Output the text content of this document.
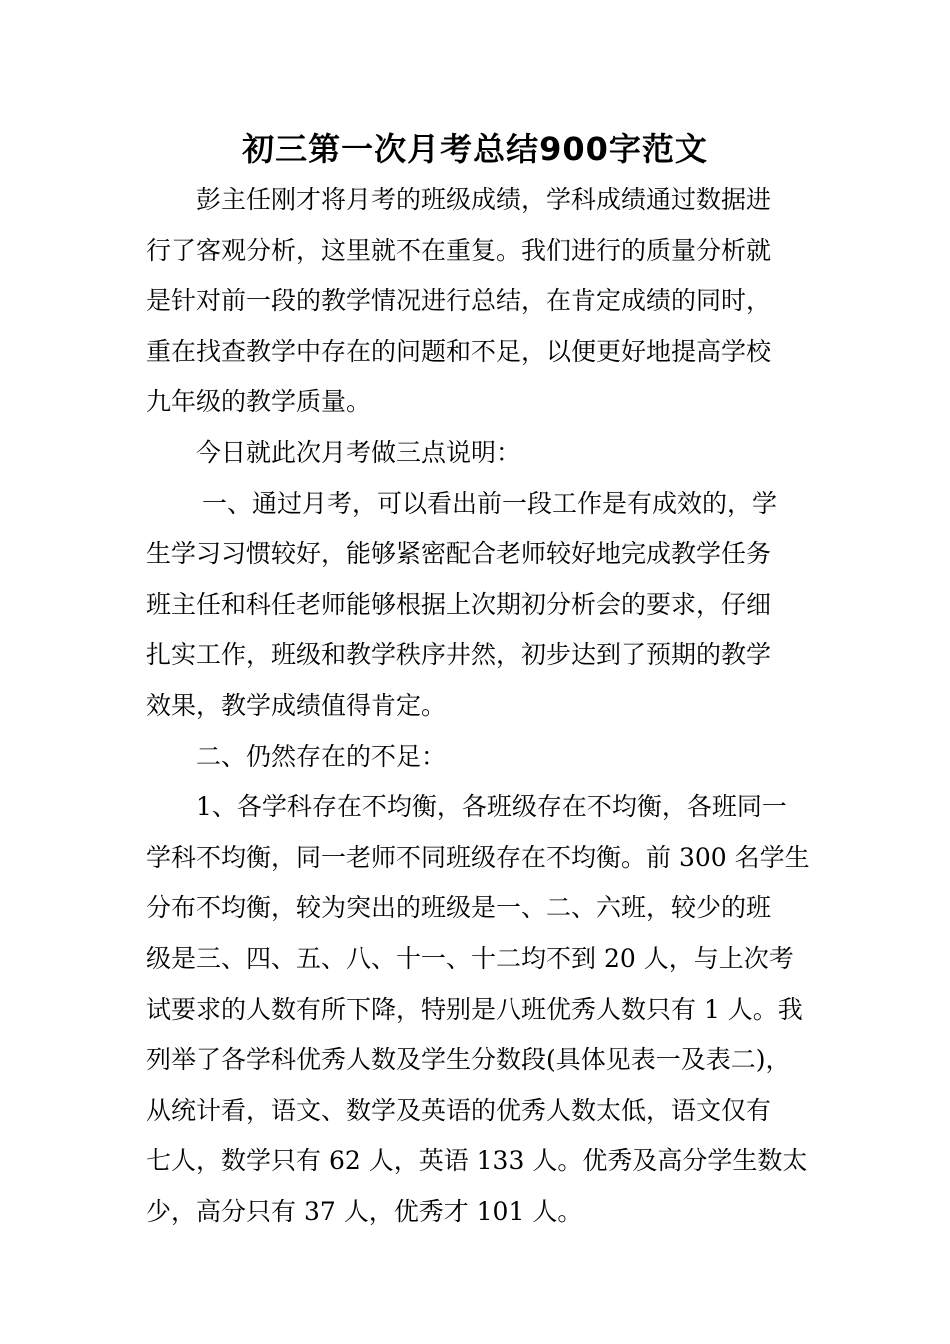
初三第一次月考总结900字范文
彭主任刚才将月考的班级成绩，学科成绩通过数据进
行了客观分析，这里就不在重复。我们进行的质量分析就
是针对前一段的教学情况进行总结，在肯定成绩的同时，
重在找查教学中存在的问题和不足，以便更好地提高学校
九年级的教学质量。
今日就此次月考做三点说明：
一、通过月考，可以看出前一段工作是有成效的，学
生学习习惯较好，能够紧密配合老师较好地完成教学任务
班主任和科任老师能够根据上次期初分析会的要求，仔细
扎实工作，班级和教学秩序井然，初步达到了预期的教学
效果，教学成绩值得肯定。
二、仍然存在的不足：
1、各学科存在不均衡，各班级存在不均衡，各班同一
学科不均衡，同一老师不同班级存在不均衡。前 300 名学生
分布不均衡，较为突出的班级是一、二、六班，较少的班
级是三、四、五、八、十一、十二均不到 20 人，与上次考
试要求的人数有所下降，特别是八班优秀人数只有 1 人。我
列举了各学科优秀人数及学生分数段(具体见表一及表二)，
从统计看，语文、数学及英语的优秀人数太低，语文仅有
七人，数学只有 62 人，英语 133 人。优秀及高分学生数太
少，高分只有 37 人，优秀才 101 人。
